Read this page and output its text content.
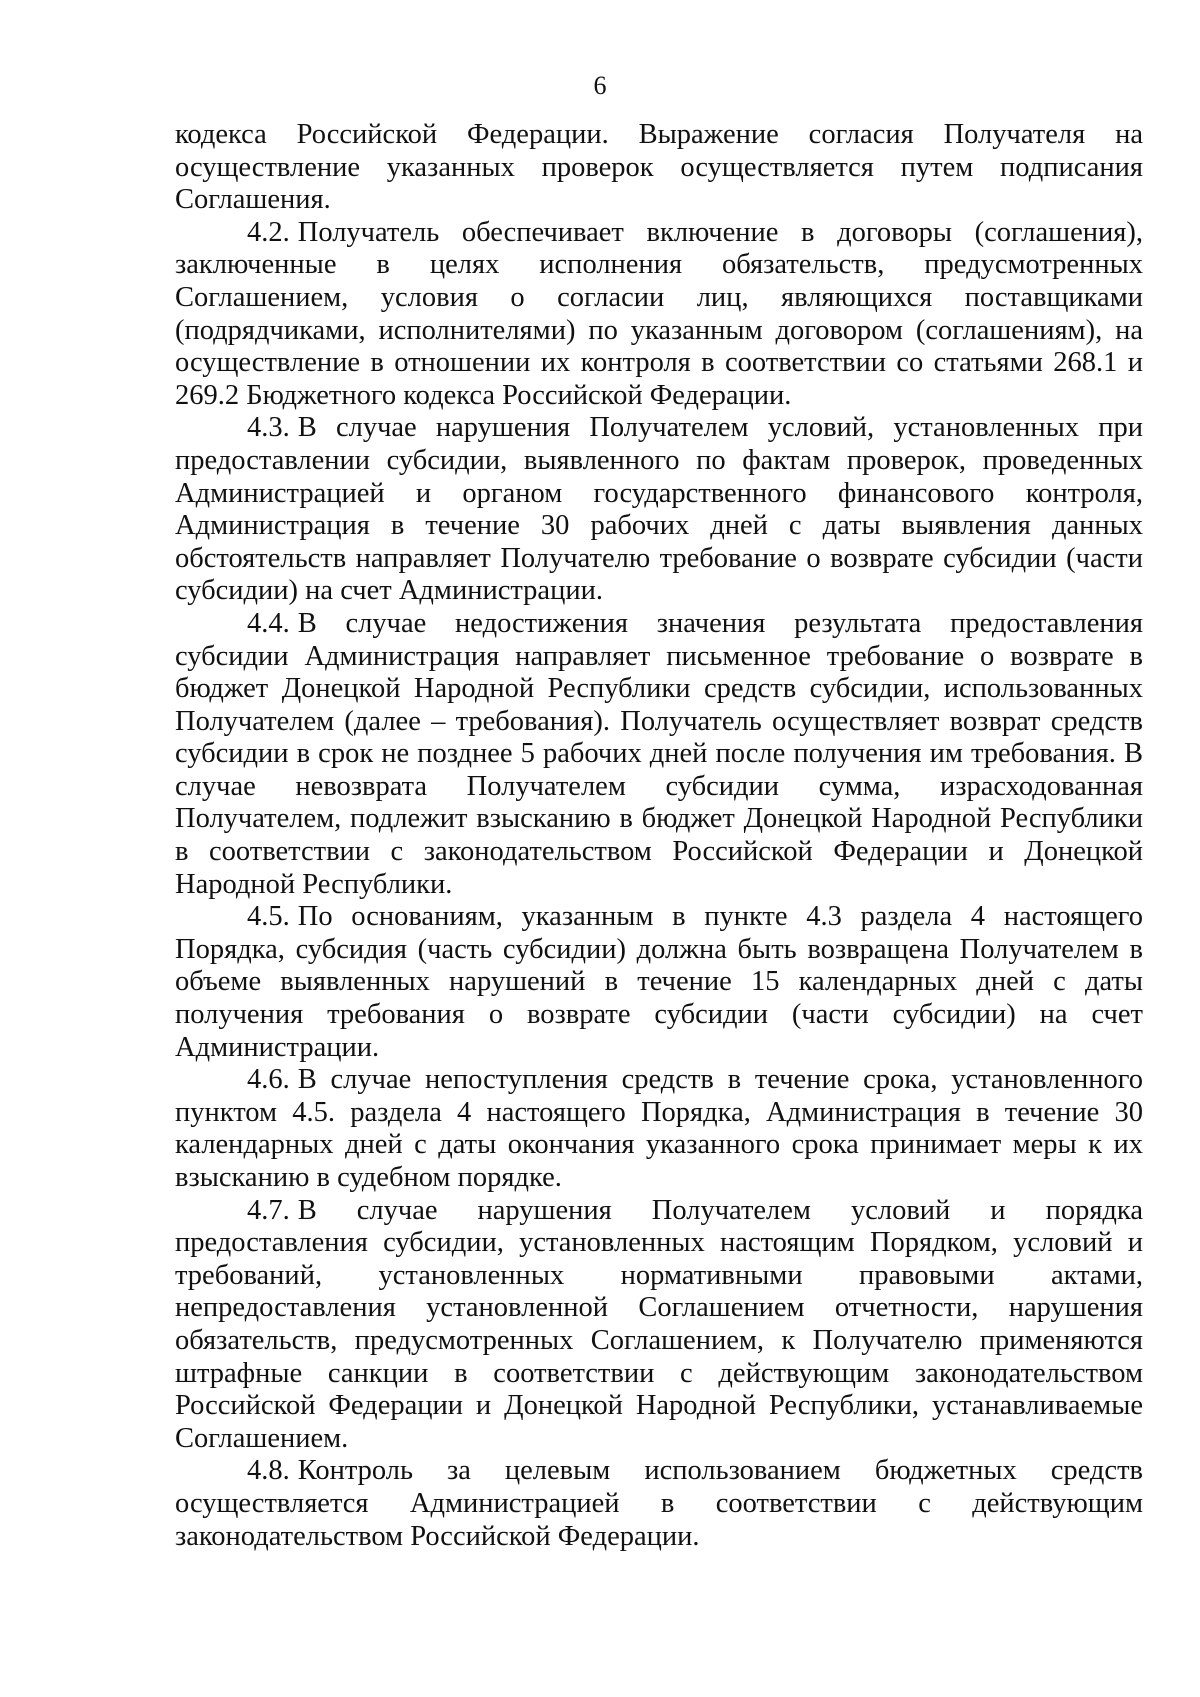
6

кодекса Российской Федерации. Выражение согласия Получателя на осуществление указанных проверок осуществляется путем подписания Соглашения.

4.2. Получатель обеспечивает включение в договоры (соглашения), заключенные в целях исполнения обязательств, предусмотренных Соглашением, условия о согласии лиц, являющихся поставщиками (подрядчиками, исполнителями) по указанным договором (соглашениям), на осуществление в отношении их контроля в соответствии со статьями 268.1 и 269.2 Бюджетного кодекса Российской Федерации.

4.3. В случае нарушения Получателем условий, установленных при предоставлении субсидии, выявленного по фактам проверок, проведенных Администрацией и органом государственного финансового контроля, Администрация в течение 30 рабочих дней с даты выявления данных обстоятельств направляет Получателю требование о возврате субсидии (части субсидии) на счет Администрации.

4.4. В случае недостижения значения результата предоставления субсидии Администрация направляет письменное требование о возврате в бюджет Донецкой Народной Республики средств субсидии, использованных Получателем (далее – требования). Получатель осуществляет возврат средств субсидии в срок не позднее 5 рабочих дней после получения им требования. В случае невозврата Получателем субсидии сумма, израсходованная Получателем, подлежит взысканию в бюджет Донецкой Народной Республики в соответствии с законодательством Российской Федерации и Донецкой Народной Республики.

4.5. По основаниям, указанным в пункте 4.3 раздела 4 настоящего Порядка, субсидия (часть субсидии) должна быть возвращена Получателем в объеме выявленных нарушений в течение 15 календарных дней с даты получения требования о возврате субсидии (части субсидии) на счет Администрации.

4.6. В случае непоступления средств в течение срока, установленного пунктом 4.5. раздела 4 настоящего Порядка, Администрация в течение 30 календарных дней с даты окончания указанного срока принимает меры к их взысканию в судебном порядке.

4.7. В случае нарушения Получателем условий и порядка предоставления субсидии, установленных настоящим Порядком, условий и требований, установленных нормативными правовыми актами, непредоставления установленной Соглашением отчетности, нарушения обязательств, предусмотренных Соглашением, к Получателю применяются штрафные санкции в соответствии с действующим законодательством Российской Федерации и Донецкой Народной Республики, устанавливаемые Соглашением.

4.8. Контроль за целевым использованием бюджетных средств осуществляется Администрацией в соответствии с действующим законодательством Российской Федерации.
